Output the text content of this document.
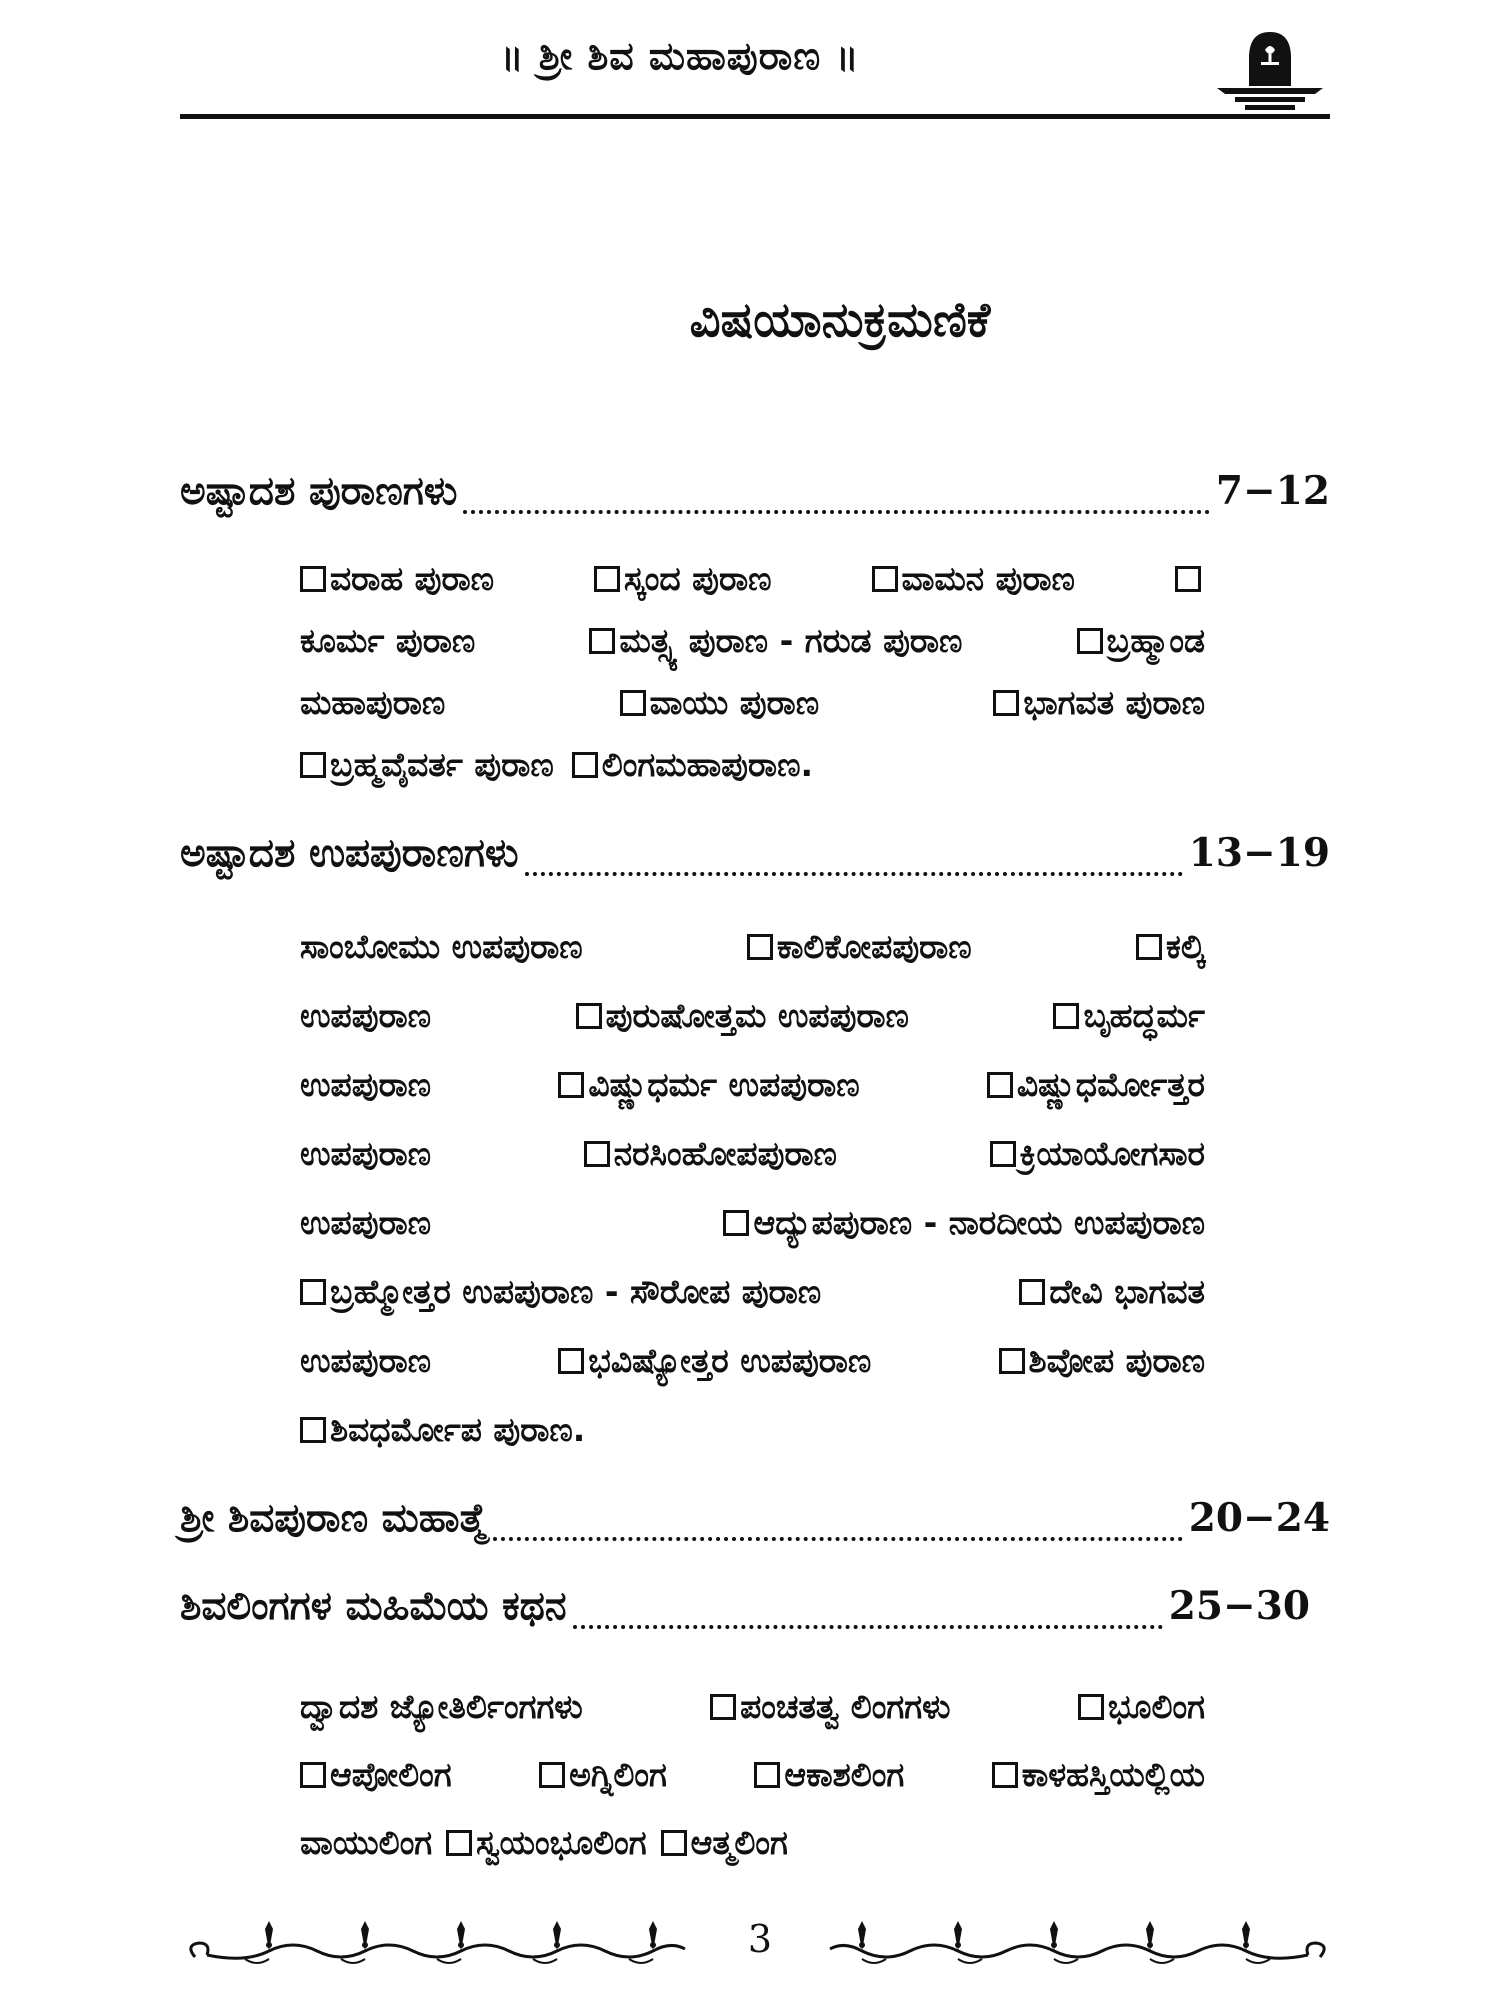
॥ ಶ್ರೀ ಶಿವ ಮಹಾಪುರಾಣ ॥
ವಿಷಯಾನುಕ್ರಮಣಿಕೆ
ಅಷ್ಟಾದಶ ಪುರಾಣಗಳು	7−12
ವರಾಹ ಪುರಾಣ	ಸ್ಕಂದ ಪುರಾಣ	ವಾಮನ ಪುರಾಣ
ಕೂರ್ಮ ಪುರಾಣ	ಮತ್ಸ್ಯ ಪುರಾಣ - ಗರುಡ ಪುರಾಣ	ಬ್ರಹ್ಮಾಂಡ
ಮಹಾಪುರಾಣ	ವಾಯು ಪುರಾಣ	ಭಾಗವತ ಪುರಾಣ
ಬ್ರಹ್ಮವೈವರ್ತ ಪುರಾಣ	ಲಿಂಗಮಹಾಪುರಾಣ.
ಅಷ್ಟಾದಶ ಉಪಪುರಾಣಗಳು	13−19
ಸಾಂಬೋಮು ಉಪಪುರಾಣ	ಕಾಲಿಕೋಪಪುರಾಣ	ಕಲ್ಕಿ
ಉಪಪುರಾಣ	ಪುರುಷೋತ್ತಮ ಉಪಪುರಾಣ	ಬೃಹದ್ಧರ್ಮ
ಉಪಪುರಾಣ	ವಿಷ್ಣುಧರ್ಮ ಉಪಪುರಾಣ	ವಿಷ್ಣುಧರ್ಮೋತ್ತರ
ಉಪಪುರಾಣ	ನರಸಿಂಹೋಪಪುರಾಣ	ಕ್ರಿಯಾಯೋಗಸಾರ
ಉಪಪುರಾಣ	ಆದ್ಯುಪಪುರಾಣ - ನಾರದೀಯ ಉಪಪುರಾಣ
ಬ್ರಹ್ಮೋತ್ತರ ಉಪಪುರಾಣ - ಸೌರೋಪ ಪುರಾಣ	ದೇವಿ ಭಾಗವತ
ಉಪಪುರಾಣ	ಭವಿಷ್ಯೋತ್ತರ ಉಪಪುರಾಣ	ಶಿವೋಪ ಪುರಾಣ
ಶಿವಧರ್ಮೋಪ ಪುರಾಣ.
ಶ್ರೀ ಶಿವಪುರಾಣ ಮಹಾತ್ಮೆ	20−24
ಶಿವಲಿಂಗಗಳ ಮಹಿಮೆಯ ಕಥನ	25−30
ದ್ವಾದಶ ಜ್ಯೋತಿರ್ಲಿಂಗಗಳು	ಪಂಚತತ್ವ ಲಿಂಗಗಳು	ಭೂಲಿಂಗ
ಆಪೋಲಿಂಗ	ಅಗ್ನಿಲಿಂಗ	ಆಕಾಶಲಿಂಗ	ಕಾಳಹಸ್ತಿಯಲ್ಲಿಯ
ವಾಯುಲಿಂಗ	ಸ್ವಯಂಭೂಲಿಂಗ	ಆತ್ಮಲಿಂಗ
3
